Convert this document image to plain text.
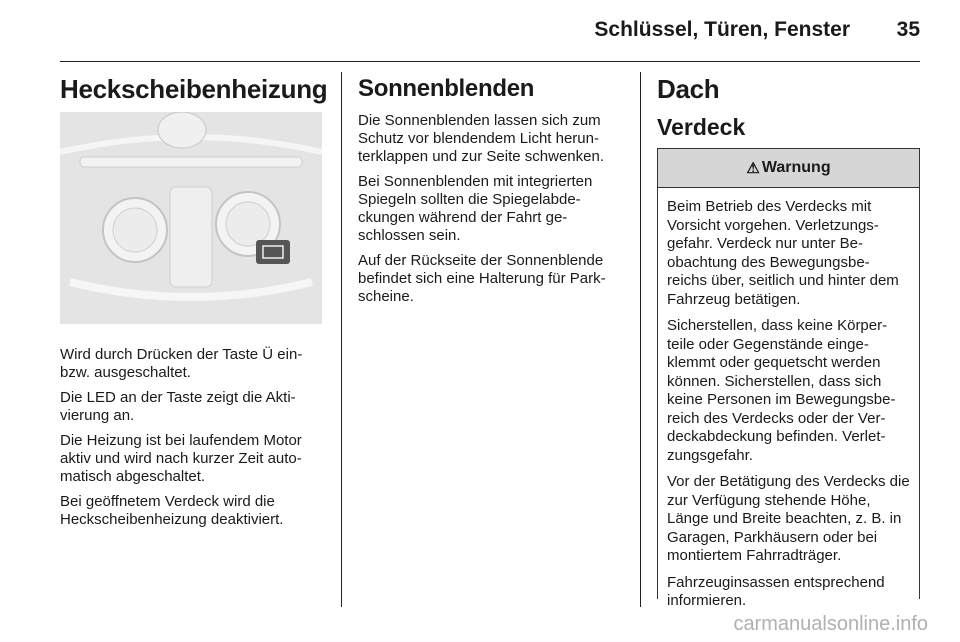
Schlüssel, Türen, Fenster 35
Heckscheibenheizung

Wird durch Drücken der Taste Ü ein- bzw. ausgeschaltet.

Die LED an der Taste zeigt die Akti- vierung an.

Die Heizung ist bei laufendem Motor aktiv und wird nach kurzer Zeit auto- matisch abgeschaltet.

Bei geöffnetem Verdeck wird die Heckscheibenheizung deaktiviert.

Sonnenblenden

Die Sonnenblenden lassen sich zum Schutz vor blendendem Licht herun- terklappen und zur Seite schwenken.

Bei Sonnenblenden mit integrierten Spiegeln sollten die Spiegelabde- ckungen während der Fahrt ge- schlossen sein.

Auf der Rückseite der Sonnenblende befindet sich eine Halterung für Park- scheine.

Dach
Verdeck
⚠ Warnung

Beim Betrieb des Verdecks mit Vorsicht vorgehen. Verletzungs- gefahr. Verdeck nur unter Be- obachtung des Bewegungsbe- reichs über, seitlich und hinter dem Fahrzeug betätigen.

Sicherstellen, dass keine Körper- teile oder Gegenstände einge- klemmt oder gequetscht werden können. Sicherstellen, dass sich keine Personen im Bewegungsbe- reich des Verdecks oder der Ver- deckabdeckung befinden. Verlet- zungsgefahr.

Vor der Betätigung des Verdecks die zur Verfügung stehende Höhe, Länge und Breite beachten, z. B. in Garagen, Parkhäusern oder bei montiertem Fahrradträger.

Fahrzeuginsassen entsprechend informieren.

carmanualsonline.info
